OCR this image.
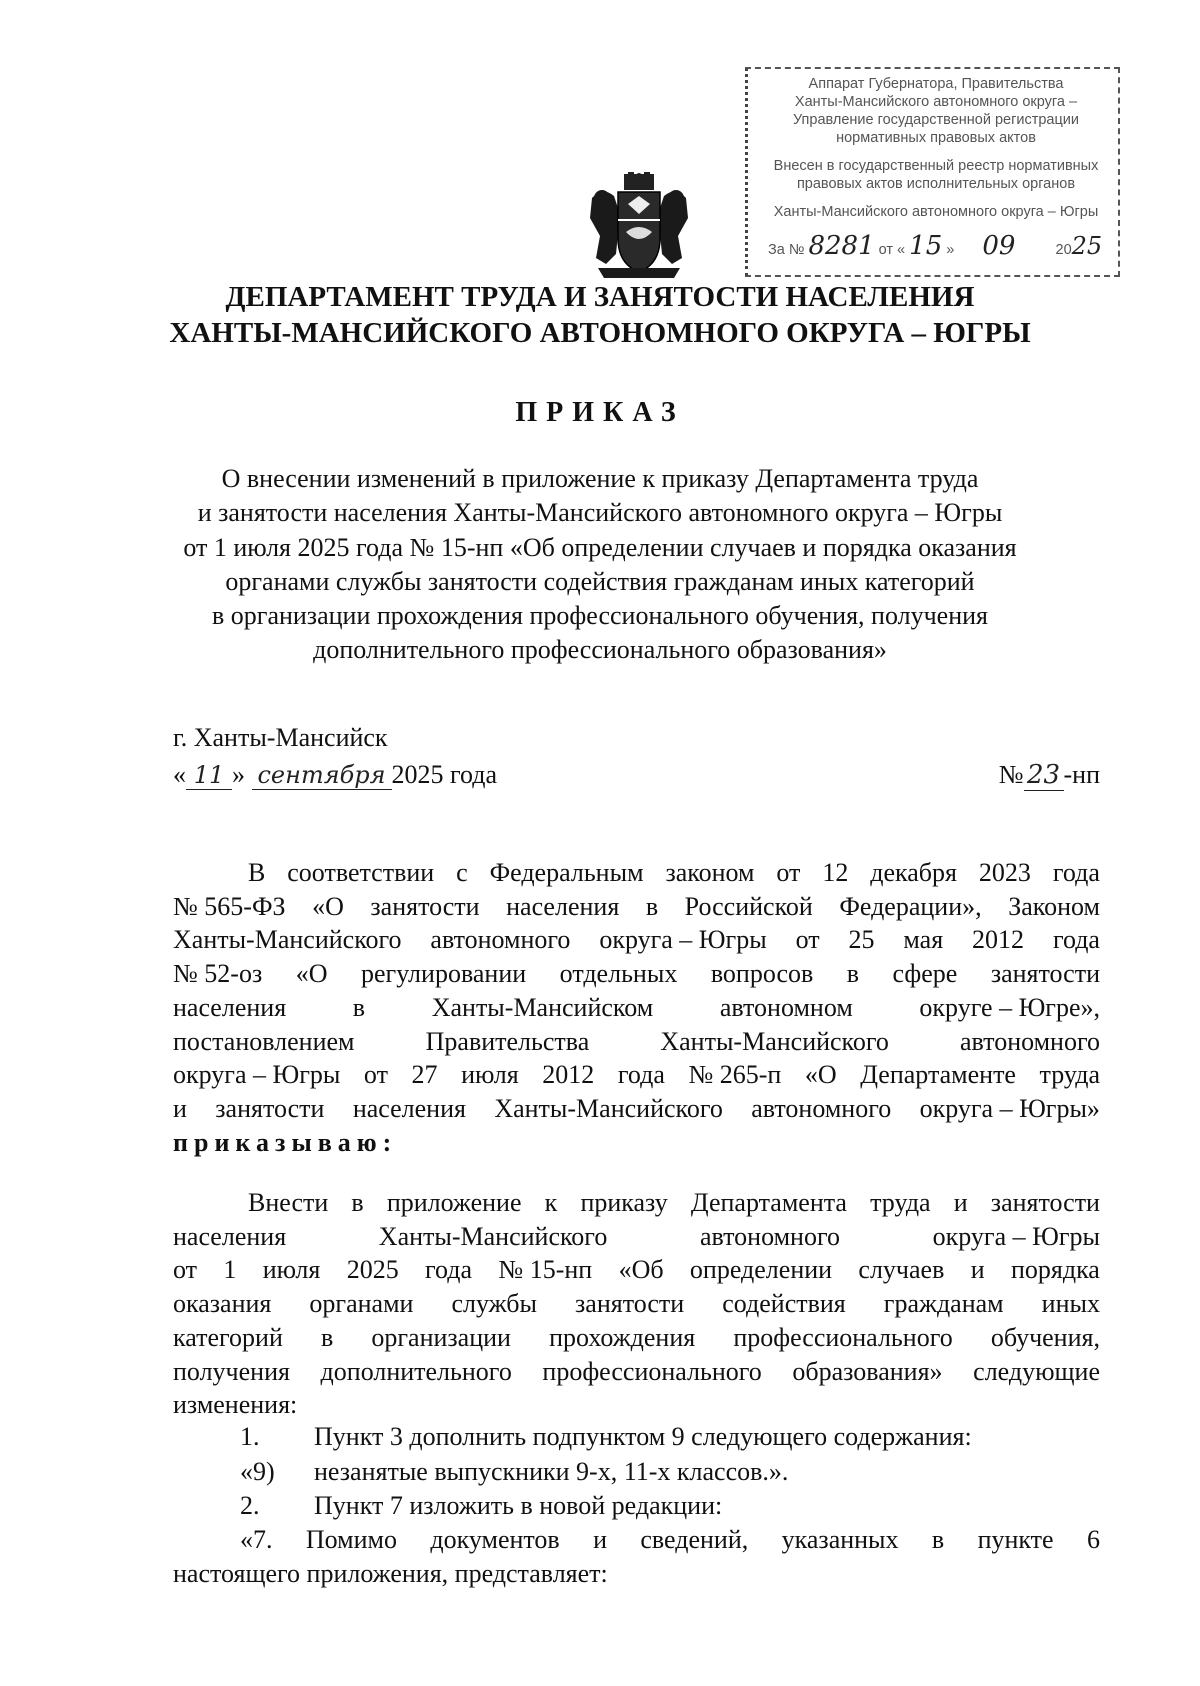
Аппарат Губернатора, Правительства
Ханты-Мансийского автономного округа –
Управление государственной регистрации
нормативных правовых актов
Внесен в государственный реестр нормативных
правовых актов исполнительных органов
Ханты-Мансийского автономного округа – Югры
За № 8281 от « 15 » 09	2025
ДЕПАРТАМЕНТ ТРУДА И ЗАНЯТОСТИ НАСЕЛЕНИЯ
ХАНТЫ-МАНСИЙСКОГО АВТОНОМНОГО ОКРУГА – ЮГРЫ
ПРИКАЗ
О внесении изменений в приложение к приказу Департамента труда
и занятости населения Ханты-Мансийского автономного округа – Югры
от 1 июля 2025 года № 15-нп «Об определении случаев и порядка оказания
органами службы занятости содействия гражданам иных категорий
в организации прохождения профессионального обучения, получения
дополнительного профессионального образования»
г. Ханты-Мансийск
« 11 » сентября 2025 года	№ 23 -нп
В соответствии с Федеральным законом от 12 декабря 2023 года
№ 565-ФЗ «О занятости населения в Российской Федерации», Законом
Ханты-Мансийского автономного округа – Югры от 25 мая 2012 года
№ 52-оз «О регулировании отдельных вопросов в сфере занятости
населения	в	Ханты-Мансийском	автономном	округе – Югре»,
постановлением	Правительства	Ханты-Мансийского	автономного
округа – Югры от 27 июля 2012 года № 265-п «О Департаменте труда
и занятости населения Ханты-Мансийского автономного округа – Югры»
приказываю:
Внести в приложение к приказу Департамента труда и занятости
населения	Ханты-Мансийского	автономного	округа – Югры
от 1 июля 2025 года № 15-нп «Об определении случаев и порядка
оказания органами службы занятости содействия гражданам иных
категорий в организации прохождения профессионального обучения,
получения дополнительного профессионального образования» следующие
изменения:
1. Пункт 3 дополнить подпунктом 9 следующего содержания:
«9) незанятые выпускники 9-х, 11-х классов.».
2. Пункт 7 изложить в новой редакции:
«7. Помимо документов и сведений, указанных в пункте 6
настоящего приложения, представляет:
